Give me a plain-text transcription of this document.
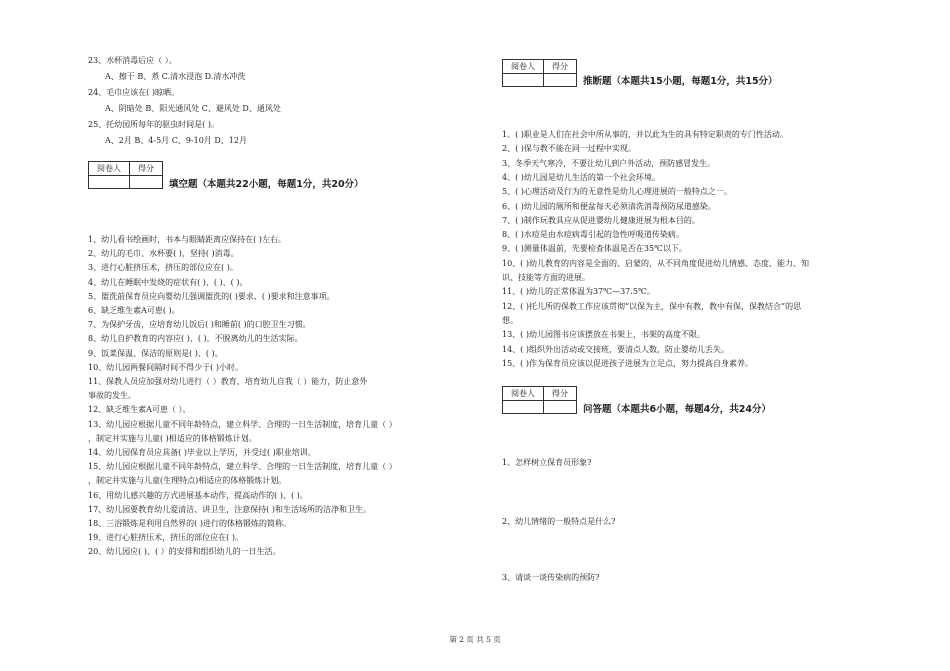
23、水杯消毒后应（ ）。
A、擦干 B、煮 C.清水浸泡 D.清水冲洗
24、毛巾应该在( )晾晒。
A、阴暗处 B、阳光通风处 C、避风处 D、通风处
25、托幼园所每年的驱虫时间是( )。
A、2月 B、4-5月 C、9-10月 D、12月
阅卷人	得分

填空题（本题共22小题，每题1分，共20分）
1、幼儿看书绘画时，书本与眼睛距离应保持在( )左右。
2、幼儿的毛巾、水杯要( )，坚持( )消毒。
3、进行心脏挤压术，挤压的部位应在( )。
4、幼儿在睡眠中发烧的症状有( )、( )、( )。
5、盥洗前保育员应向婴幼儿强调盥洗的( )要求、( )要求和注意事项。
6、缺乏维生素A可患( )。
7、为保护牙齿，应培育幼儿饭后( )和睡前( )的口腔卫生习惯。
8、幼儿自护教育的内容应( )、( )，不脱离幼儿的生活实际。
9、饭菜保温、保洁的原则是( )、( )。
10、幼儿园两餐间隔时间不得少于( )小时。
11、保教人员应加强对幼儿进行（ ）教育，培育幼儿自我（ ）能力，防止意外
事故的发生。
12、缺乏维生素A可患（ ）。
13、幼儿园应根据儿童不同年龄特点，建立科学、合理的一日生活制度，培育儿童（ ）
，制定并实施与儿童( )相适应的体格锻炼计划。
14、幼儿园保育员应具备( )毕业以上学历，并受过( )职业培训。
15、幼儿园应根据儿童不同年龄特点，建立科学、合理的一日生活制度，培育儿童（ ）
，制定并实施与儿童(生理特点)相适应的体格锻炼计划。
16、用幼儿感兴趣的方式进展基本动作，提高动作的( )、( )。
17、幼儿园要教育幼儿爱清洁、讲卫生，注意保持( )和生活场所的洁净和卫生。
18、三浴锻炼是利用自然界的( )进行的体格锻炼的简称。
19、进行心脏挤压术，挤压的部位应在( )。
20、幼儿园应( )、( ）的安排和组织幼儿的一日生活。
阅卷人	得分

推断题（本题共15小题，每题1分，共15分）
1、( )职业是人们在社会中所从事的，并以此为生的具有特定职责的专门性活动。
2、( )保与教不能在同一过程中实现。
3、冬季天气寒冷，不要让幼儿到户外活动，预防感冒发生。
4、( )幼儿园是幼儿生活的第一个社会环境。
5、( )心理活动及行为的无意性是幼儿心理进展的一般特点之一。
6、( )幼儿园的厕所和便盆每天必须清洗消毒预防尿道感染。
7、( )制作玩教具应从促进婴幼儿健康进展为根本目的。
8、( )水痘是由水痘病毒引起的急性呼吸道传染病。
9、( )测量体温前，先要检查体温是否在35℃以下。
10、( )幼儿教育的内容是全面的、启蒙的，从不同角度促进幼儿情感、态度、能力、知
识、技能等方面的进展。
11、( )幼儿的正常体温为37℃—37.5℃。
12、( )托儿所的保教工作应该贯彻“以保为主，保中有教，教中有保，保教结合”的思
想。
13、( )幼儿园图书应该摆放在书架上，书架的高度不限。
14、( )组织外出活动或交接班，要清点人数，防止婴幼儿丢失。
15、( )作为保育员应该以促进孩子进展为立足点，努力提高自身素养。
阅卷人	得分

问答题（本题共6小题，每题4分，共24分）
1、怎样树立保育员形象?
2、幼儿情绪的一般特点是什么?
3、请谈一谈传染病的预防?
第 2 页 共 5 页
